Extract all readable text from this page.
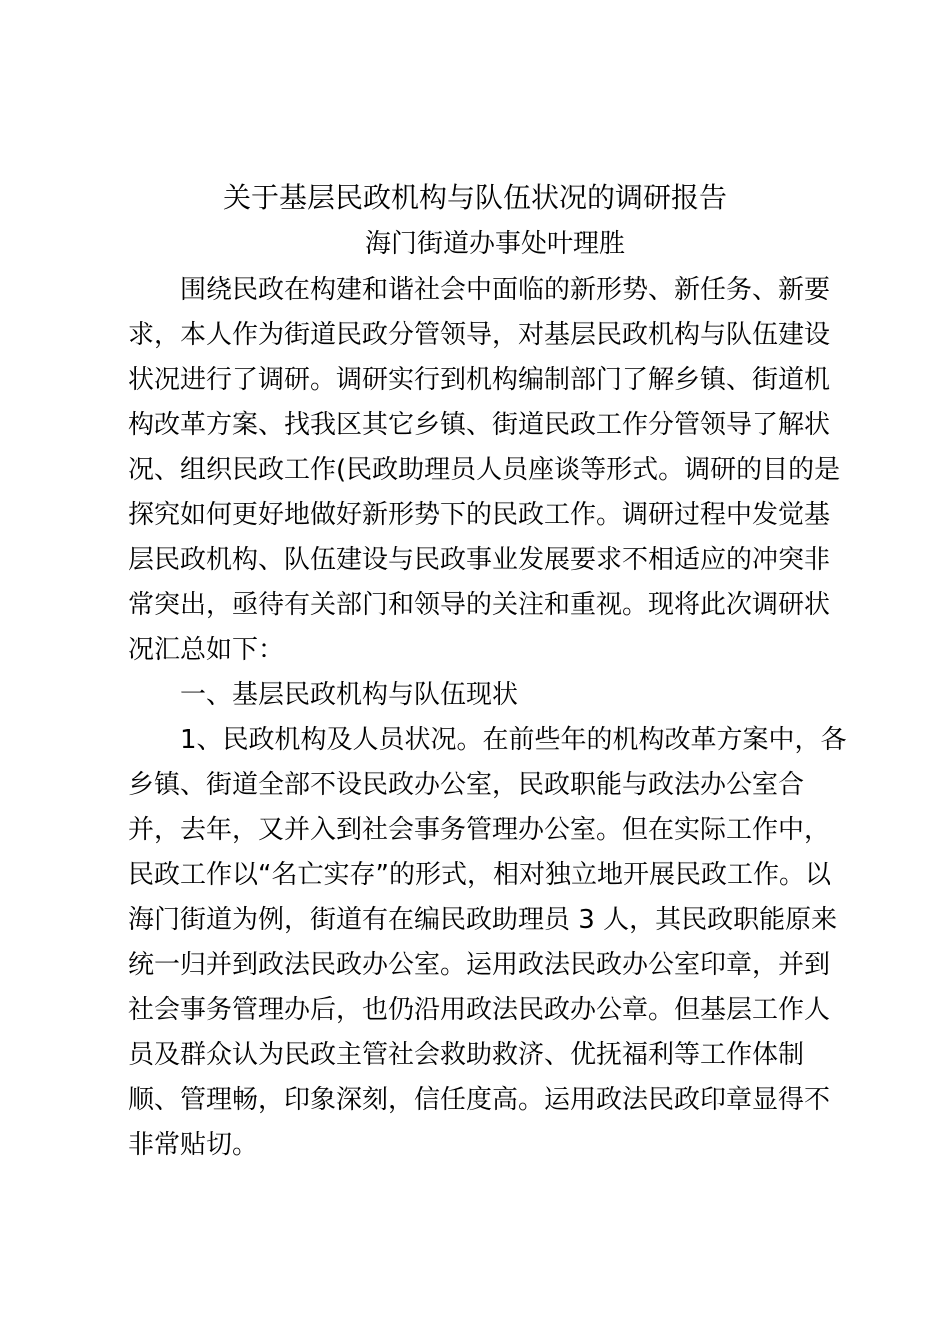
关于基层民政机构与队伍状况的调研报告
海门街道办事处叶理胜
围绕民政在构建和谐社会中面临的新形势、新任务、新要
求，本人作为街道民政分管领导，对基层民政机构与队伍建设
状况进行了调研。调研实行到机构编制部门了解乡镇、街道机
构改革方案、找我区其它乡镇、街道民政工作分管领导了解状
况、组织民政工作(民政助理员人员座谈等形式。调研的目的是
探究如何更好地做好新形势下的民政工作。调研过程中发觉基
层民政机构、队伍建设与民政事业发展要求不相适应的冲突非
常突出，亟待有关部门和领导的关注和重视。现将此次调研状
况汇总如下：
一、基层民政机构与队伍现状
1、民政机构及人员状况。在前些年的机构改革方案中，各
乡镇、街道全部不设民政办公室，民政职能与政法办公室合
并，去年，又并入到社会事务管理办公室。但在实际工作中，
民政工作以“名亡实存”的形式，相对独立地开展民政工作。以
海门街道为例，街道有在编民政助理员 3 人，其民政职能原来
统一归并到政法民政办公室。运用政法民政办公室印章，并到
社会事务管理办后，也仍沿用政法民政办公章。但基层工作人
员及群众认为民政主管社会救助救济、优抚福利等工作体制
顺、管理畅，印象深刻，信任度高。运用政法民政印章显得不
非常贴切。
